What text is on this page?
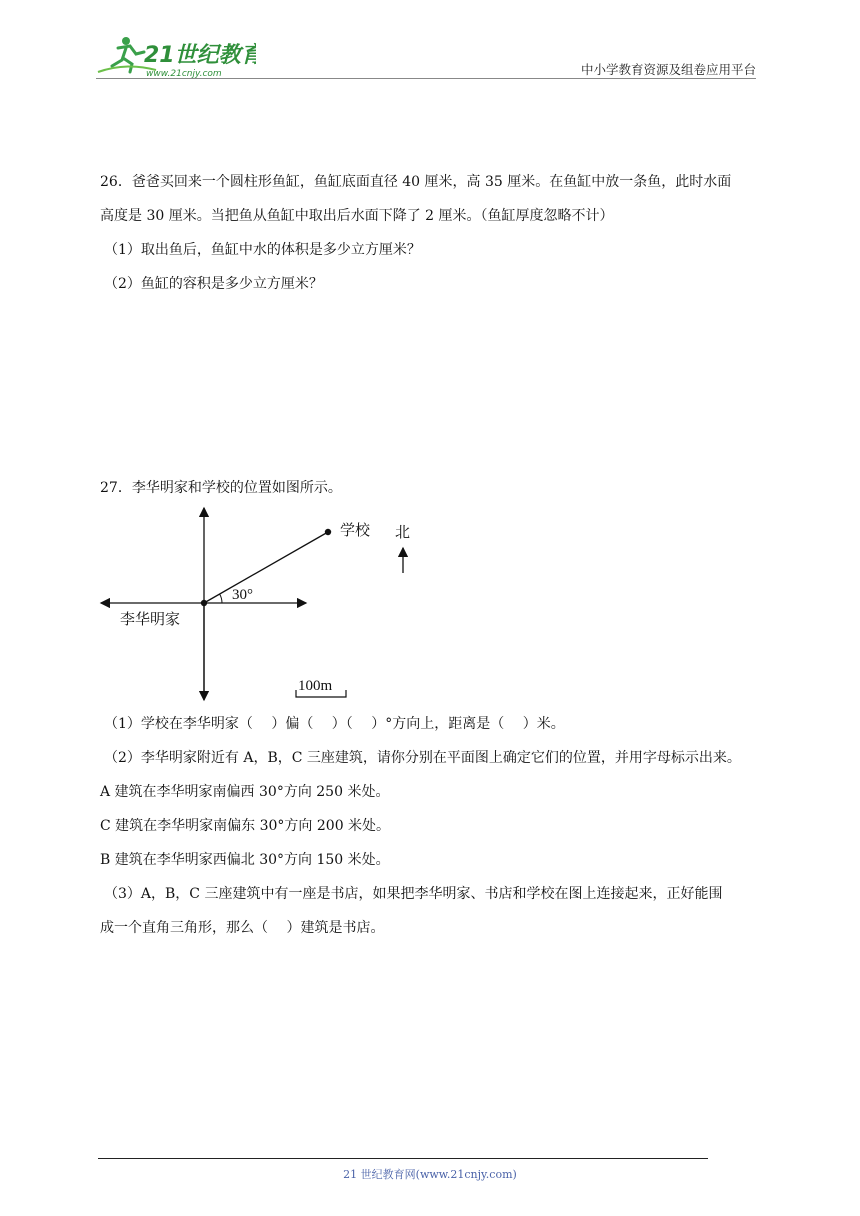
21世纪教育
www.21cnjy.com	中小学教育资源及组卷应用平台
26．爸爸买回来一个圆柱形鱼缸，鱼缸底面直径 40 厘米，高 35 厘米。在鱼缸中放一条鱼，此时水面
高度是 30 厘米。当把鱼从鱼缸中取出后水面下降了 2 厘米。（鱼缸厚度忽略不计）
（1）取出鱼后，鱼缸中水的体积是多少立方厘米？
（2）鱼缸的容积是多少立方厘米？
27．李华明家和学校的位置如图所示。
30°
学校 北
李华明家
100m
（1）学校在李华明家（　 ）偏（　 ）（　 ）°方向上，距离是（　 ）米。
（2）李华明家附近有 A，B，C 三座建筑，请你分别在平面图上确定它们的位置，并用字母标示出来。
A 建筑在李华明家南偏西 30°方向 250 米处。
C 建筑在李华明家南偏东 30°方向 200 米处。
B 建筑在李华明家西偏北 30°方向 150 米处。
（3）A，B，C 三座建筑中有一座是书店，如果把李华明家、书店和学校在图上连接起来，正好能围
成一个直角三角形，那么（　 ）建筑是书店。
21 世纪教育网(www.21cnjy.com)
